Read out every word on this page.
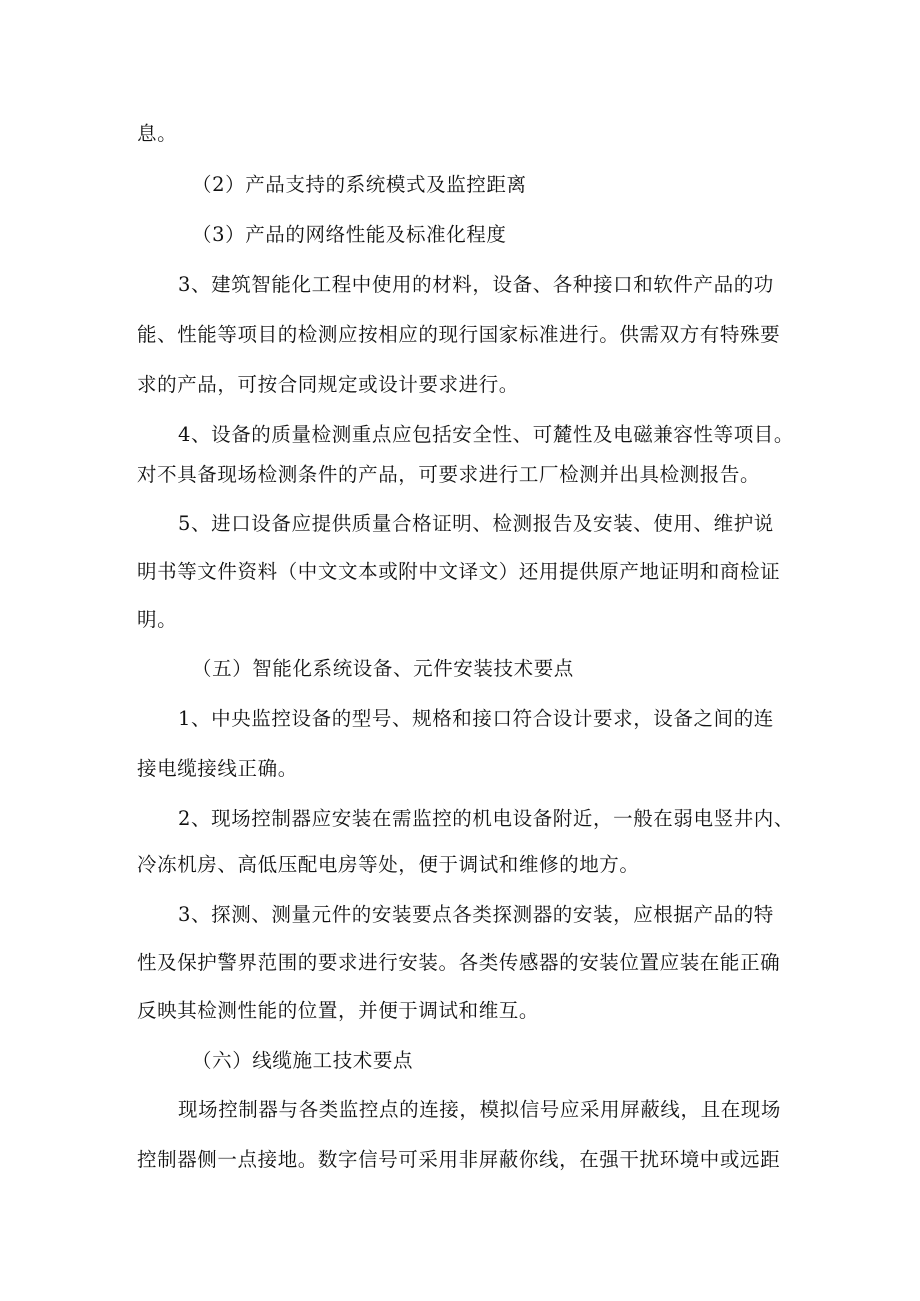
息。
（2）产品支持的系统模式及监控距离
（3）产品的网络性能及标准化程度
3、建筑智能化工程中使用的材料，设备、各种接口和软件产品的功
能、性能等项目的检测应按相应的现行国家标准进行。供需双方有特殊要
求的产品，可按合同规定或设计要求进行。
4、设备的质量检测重点应包括安全性、可麓性及电磁兼容性等项目。
对不具备现场检测条件的产品，可要求进行工厂检测并出具检测报告。
5、进口设备应提供质量合格证明、检测报告及安装、使用、维护说
明书等文件资料（中文文本或附中文译文）还用提供原产地证明和商检证
明。
（五）智能化系统设备、元件安装技术要点
1、中央监控设备的型号、规格和接口符合设计要求，设备之间的连
接电缆接线正确。
2、现场控制器应安装在需监控的机电设备附近，一般在弱电竖井内、
冷冻机房、高低压配电房等处，便于调试和维修的地方。
3、探测、测量元件的安装要点各类探测器的安装，应根据产品的特
性及保护警界范围的要求进行安装。各类传感器的安装位置应装在能正确
反映其检测性能的位置，并便于调试和维互。
（六）线缆施工技术要点
现场控制器与各类监控点的连接，模拟信号应采用屏蔽线，且在现场
控制器侧一点接地。数字信号可采用非屏蔽你线，在强干扰环境中或远距
